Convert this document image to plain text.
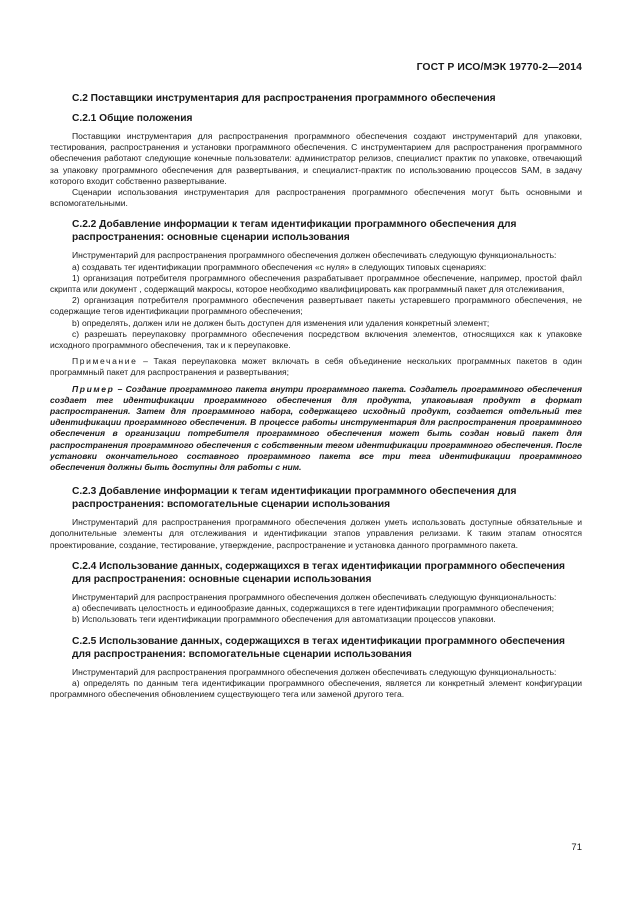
ГОСТ Р ИСО/МЭК 19770-2—2014
С.2 Поставщики инструментария для распространения программного обеспечения
С.2.1 Общие положения

Поставщики инструментария для распространения программного обеспечения создают инструментарий для упаковки, тестирования, распространения и установки программного обеспечения. С инструментарием для распространения программного обеспечения работают следующие конечные пользователи: администратор релизов, специалист практик по упаковке, отвечающий за упаковку программного обеспечения для развертывания, и специалист-практик по использованию процессов SAM, в задачу которого входит собственно развертывание.

Сценарии использования инструментария для распространения программного обеспечения могут быть основными и вспомогательными.

С.2.2 Добавление информации к тегам идентификации программного обеспечения для распространения: основные сценарии использования

Инструментарий для распространения программного обеспечения должен обеспечивать следующую функциональность:

а) создавать тег идентификации программного обеспечения «с нуля» в следующих типовых сценариях:

1) организация потребителя программного обеспечения разрабатывает программное обеспечение, например, простой файл скрипта или документ , содержащий макросы, которое необходимо квалифицировать как программный пакет для отслеживания,

2) организация потребителя программного обеспечения развертывает пакеты устаревшего программного обеспечения, не содержащие тегов идентификации программного обеспечения;

b) определять, должен или не должен быть доступен для изменения или удаления конкретный элемент;

с) разрешать переупаковку программного обеспечения посредством включения элементов, относящихся как к упаковке исходного программного обеспечения, так и к переупаковке.

Примечание – Такая переупаковка может включать в себя объединение нескольких программных пакетов в один программный пакет для распространения и развертывания;

Пример – Создание программного пакета внутри программного пакета. Создатель программного обеспечения создает тег идентификации программного обеспечения для продукта, упаковывая продукт в формат распространения. Затем для программного набора, содержащего исходный продукт, создается отдельный тег идентификации программного обеспечения. В процессе работы инструментария для распространения программного обеспечения в организации потребителя программного обеспечения может быть создан новый пакет для распространения программного обеспечения с собственным тегом идентификации программного обеспечения. После установки окончательного составного программного пакета все три тега идентификации программного обеспечения должны быть доступны для работы с ним.

С.2.3 Добавление информации к тегам идентификации программного обеспечения для распространения: вспомогательные сценарии использования

Инструментарий для распространения программного обеспечения должен уметь использовать доступные обязательные и дополнительные элементы для отслеживания и идентификации этапов управления релизами. К таким этапам относятся проектирование, создание, тестирование, утверждение, распространение и установка данного программного пакета.

С.2.4 Использование данных, содержащихся в тегах идентификации программного обеспечения для распространения: основные сценарии использования

Инструментарий для распространения программного обеспечения должен обеспечивать следующую функциональность:

а) обеспечивать целостность и единообразие данных, содержащихся в теге идентификации программного обеспечения;

b) Использовать теги идентификации программного обеспечения для автоматизации процессов упаковки.

С.2.5 Использование данных, содержащихся в тегах идентификации программного обеспечения для распространения: вспомогательные сценарии использования

Инструментарий для распространения программного обеспечения должен обеспечивать следующую функциональность:

а) определять по данным тега идентификации программного обеспечения, является ли конкретный элемент конфигурации программного обеспечения обновлением существующего тега или заменой другого тега.

71
